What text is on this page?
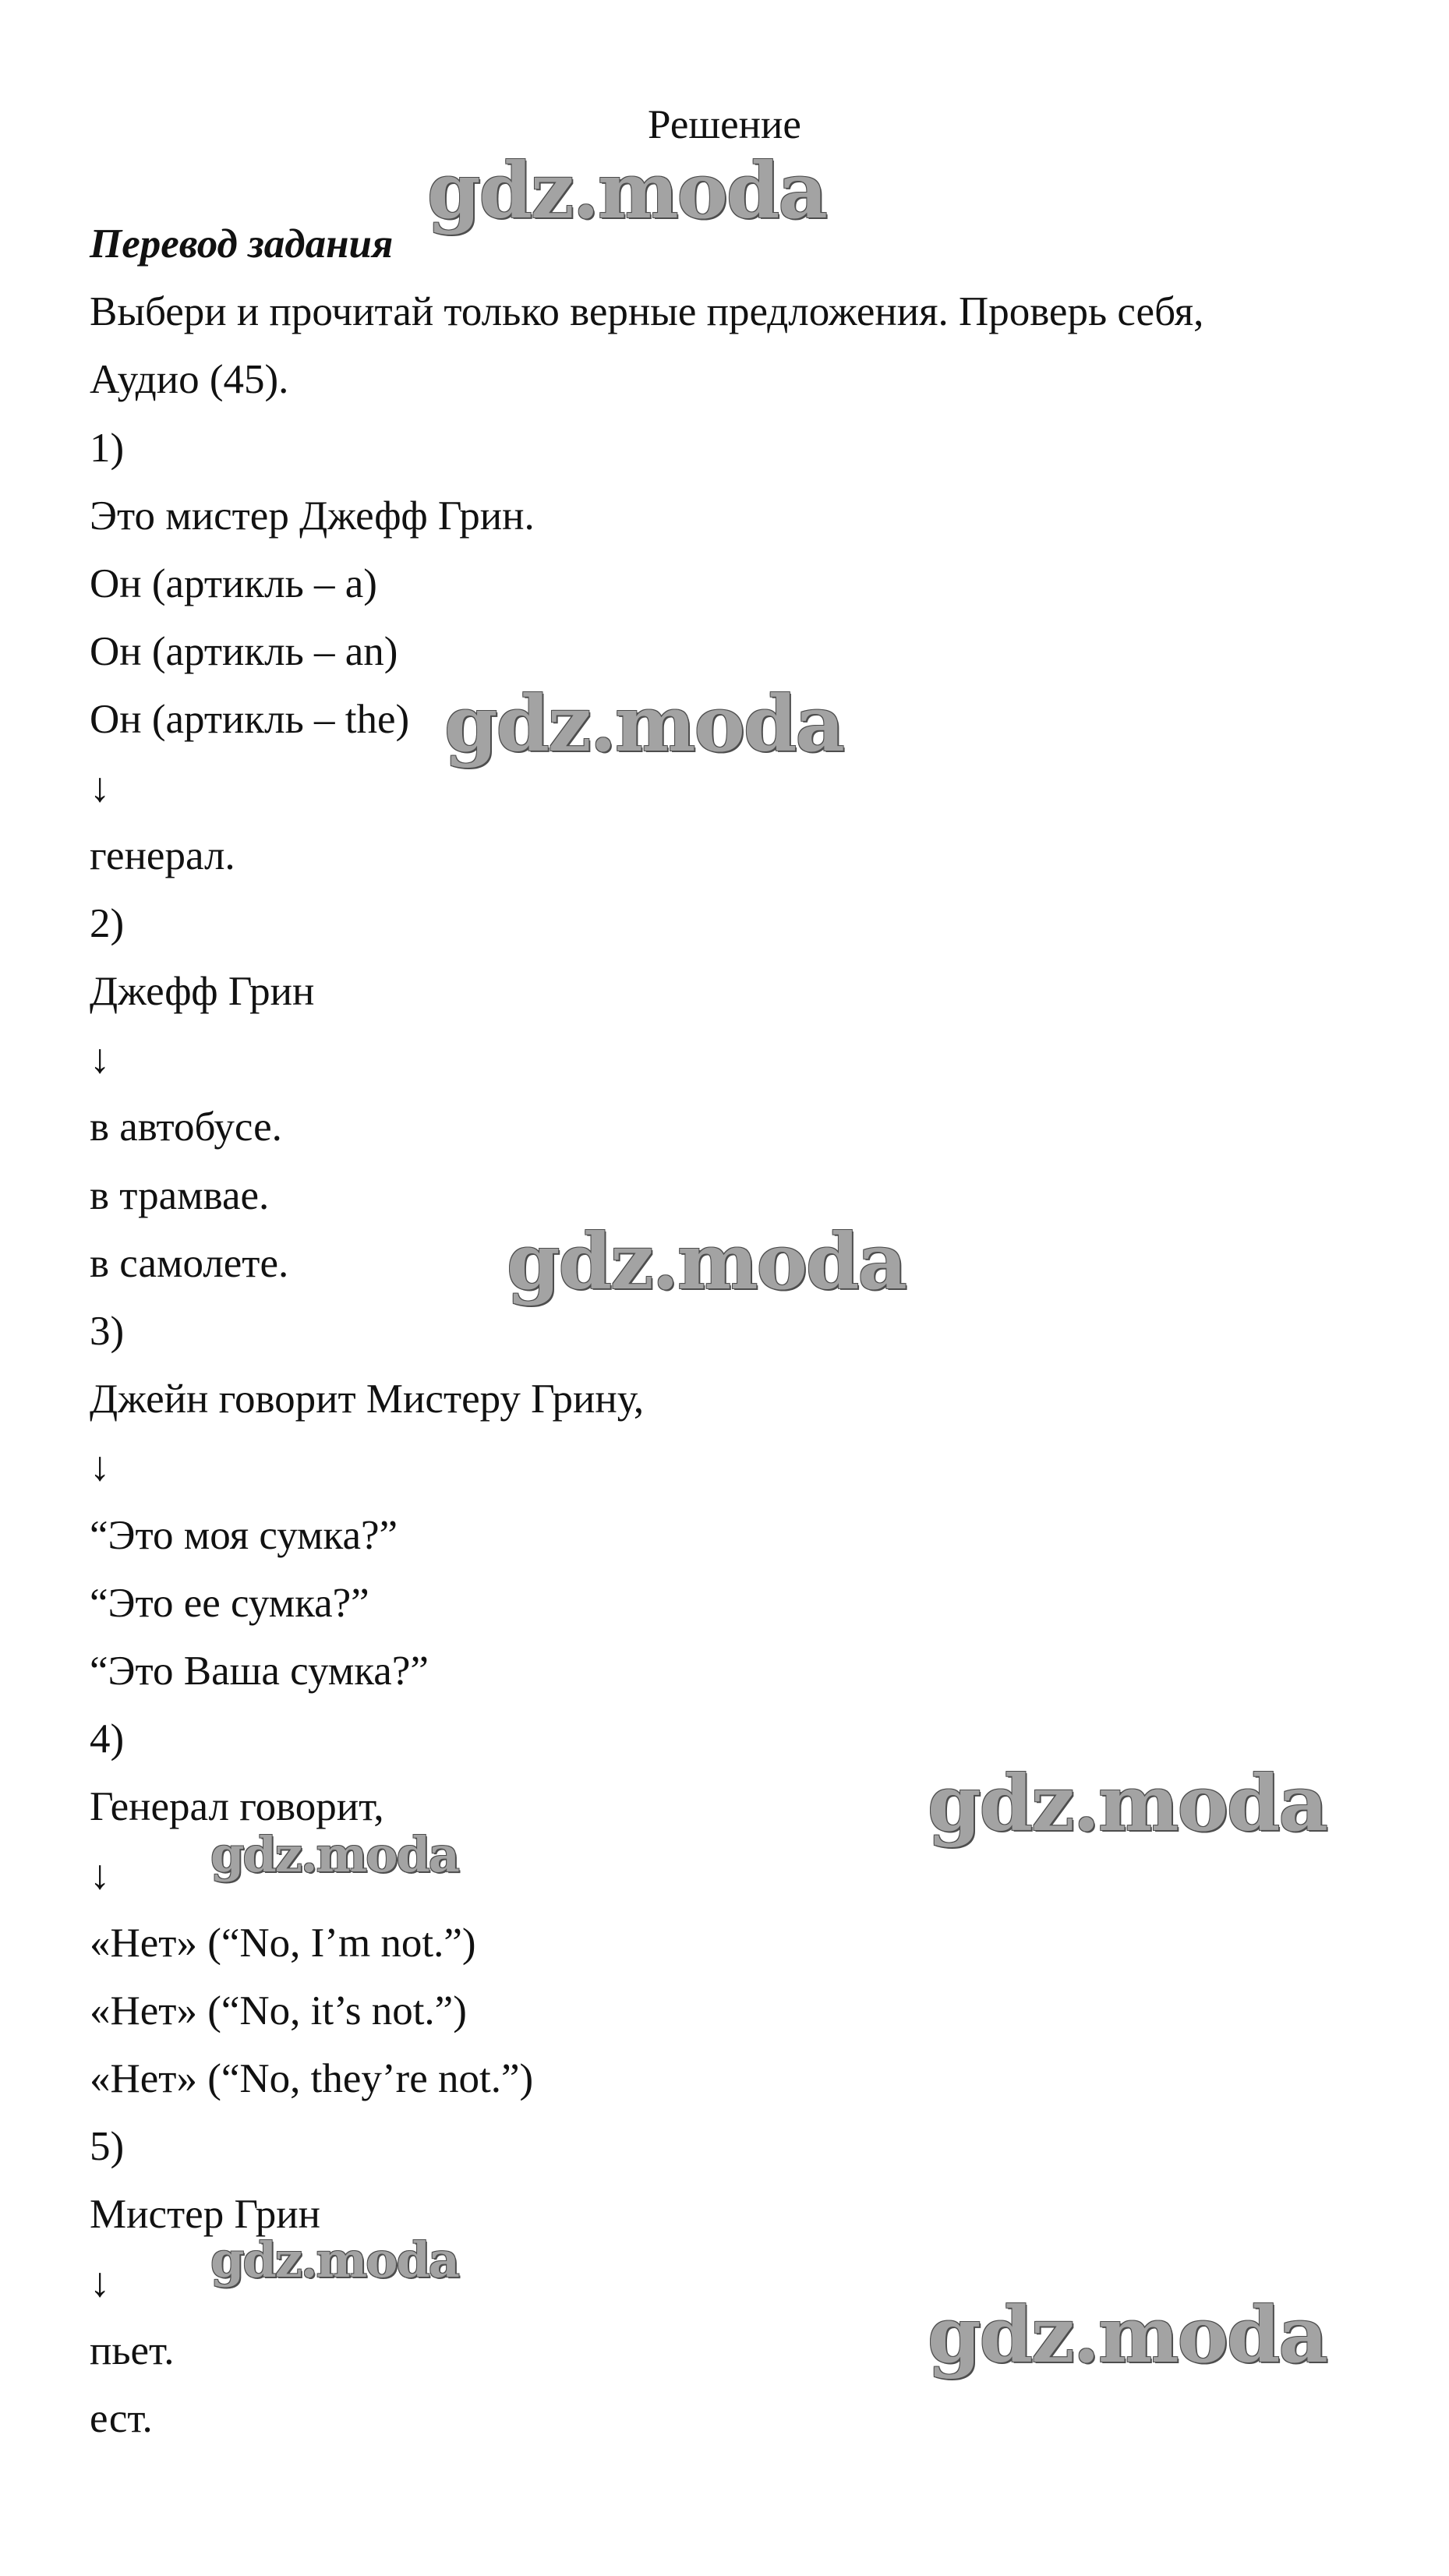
Решение

Перевод задания

Выбери и прочитай только верные предложения. Проверь себя,

Аудио (45).

1)

Это мистер Джефф Грин.

Он (артикль – a)

Он (артикль – an)

Он (артикль – the)

↓

генерал.

2)

Джефф Грин

↓

в автобусе.

в трамвае.

в самолете.

3)

Джейн говорит Мистеру Грину,

↓

“Это моя сумка?”

“Это ее сумка?”

“Это Ваша сумка?”

4)

Генерал говорит,

↓

«Нет» (“No, I’m not.”)

«Нет» (“No, it’s not.”)

«Нет» (“No, they’re not.”)

5)

Мистер Грин

↓

пьет.

ест.

gdz.moda
gdz.moda
gdz.moda
gdz.moda
gdz.moda
gdz.moda
gdz.moda
